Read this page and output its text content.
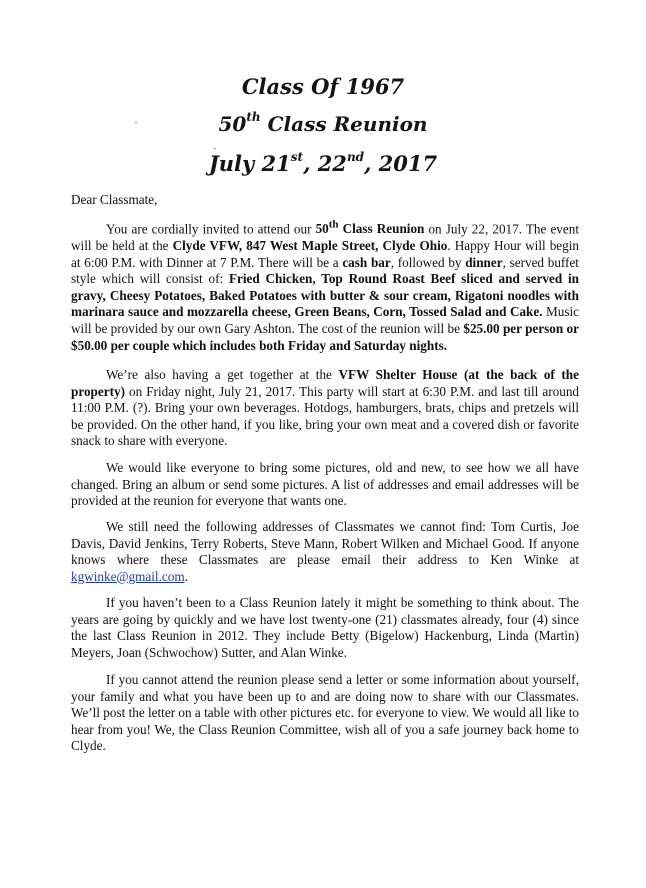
Class Of 1967
50th Class Reunion
July 21st, 22nd, 2017
Dear Classmate,

You are cordially invited to attend our 50th Class Reunion on July 22, 2017. The event will be held at the Clyde VFW, 847 West Maple Street, Clyde Ohio. Happy Hour will begin at 6:00 P.M. with Dinner at 7 P.M. There will be a cash bar, followed by dinner, served buffet style which will consist of: Fried Chicken, Top Round Roast Beef sliced and served in gravy, Cheesy Potatoes, Baked Potatoes with butter & sour cream, Rigatoni noodles with marinara sauce and mozzarella cheese, Green Beans, Corn, Tossed Salad and Cake. Music will be provided by our own Gary Ashton. The cost of the reunion will be $25.00 per person or $50.00 per couple which includes both Friday and Saturday nights.

We’re also having a get together at the VFW Shelter House (at the back of the property) on Friday night, July 21, 2017. This party will start at 6:30 P.M. and last till around 11:00 P.M. (?). Bring your own beverages. Hotdogs, hamburgers, brats, chips and pretzels will be provided. On the other hand, if you like, bring your own meat and a covered dish or favorite snack to share with everyone.

We would like everyone to bring some pictures, old and new, to see how we all have changed. Bring an album or send some pictures. A list of addresses and email addresses will be provided at the reunion for everyone that wants one.

We still need the following addresses of Classmates we cannot find: Tom Curtis, Joe Davis, David Jenkins, Terry Roberts, Steve Mann, Robert Wilken and Michael Good. If anyone knows where these Classmates are please email their address to Ken Winke at kgwinke@gmail.com.

If you haven’t been to a Class Reunion lately it might be something to think about. The years are going by quickly and we have lost twenty-one (21) classmates already, four (4) since the last Class Reunion in 2012. They include Betty (Bigelow) Hackenburg, Linda (Martin) Meyers, Joan (Schwochow) Sutter, and Alan Winke.

If you cannot attend the reunion please send a letter or some information about yourself, your family and what you have been up to and are doing now to share with our Classmates. We’ll post the letter on a table with other pictures etc. for everyone to view. We would all like to hear from you! We, the Class Reunion Committee, wish all of you a safe journey back home to Clyde.
